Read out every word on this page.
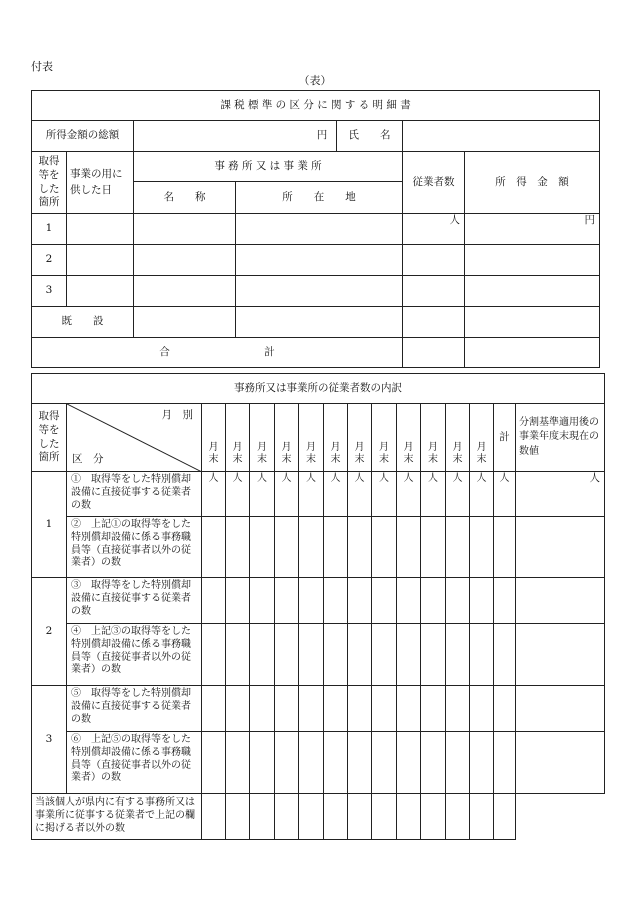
付表
（表）
課 税 標 準 の 区 分 に 関 す る 明 細 書					
所得金額の総額		円 氏　　名			

取得等をした箇所	事業の用に供した日	事 務 所 又 は 事 業 所		従業者数	所　得　金　額
		名　　称	所　　在　　地		
1				人	円
2					
3					
既　　設					
合　　　　　　　　　計					
事務所又は事業所の従業者数の内訳															

取得等をした箇所	月　別
区　分	月末	月末	月末	月末	月末	月末	月末	月末	月末	月末	月末	月末	計	分割基準適用後の事業年度末現在の数値

1	①　取得等をした特別償却設備に直接従事する従業者の数	人	人	人	人	人	人	人	人	人	人	人	人	人	人
	②　上記①の取得等をした特別償却設備に係る事務職員等（直接従事者以外の従業者）の数														
2	③　取得等をした特別償却設備に直接従事する従業者の数														
	④　上記③の取得等をした特別償却設備に係る事務職員等（直接従事者以外の従業者）の数														
3	⑤　取得等をした特別償却設備に直接従事する従業者の数														
	⑥　上記⑤の取得等をした特別償却設備に係る事務職員等（直接従事者以外の従業者）の数														
当該個人が県内に有する事務所又は事業所に従事する従業者で上記の欄に掲げる者以外の数															
